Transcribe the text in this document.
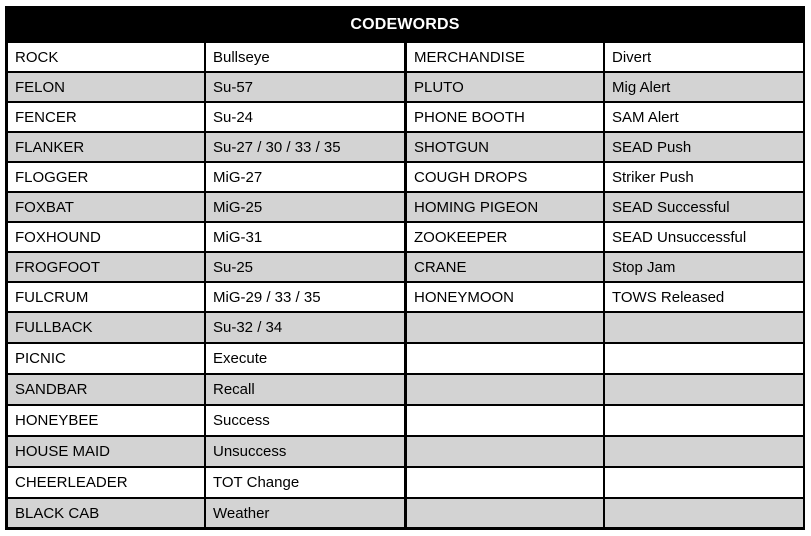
CODEWORDS
ROCK	Bullseye
FELON	Su-57
FENCER	Su-24
FLANKER	Su-27 / 30 / 33 / 35
FLOGGER	MiG-27
FOXBAT	MiG-25
FOXHOUND	MiG-31
FROGFOOT	Su-25
FULCRUM	MiG-29 / 33 / 35
FULLBACK	Su-32 / 34
PICNIC	Execute
SANDBAR	Recall
HONEYBEE	Success
HOUSE MAID	Unsuccess
CHEERLEADER	TOT Change
BLACK CAB	Weather
MERCHANDISE	Divert
PLUTO	Mig Alert
PHONE BOOTH	SAM Alert
SHOTGUN	SEAD Push
COUGH DROPS	Striker Push
HOMING PIGEON	SEAD Successful
ZOOKEEPER	SEAD Unsuccessful
CRANE	Stop Jam
HONEYMOON	TOWS Released
